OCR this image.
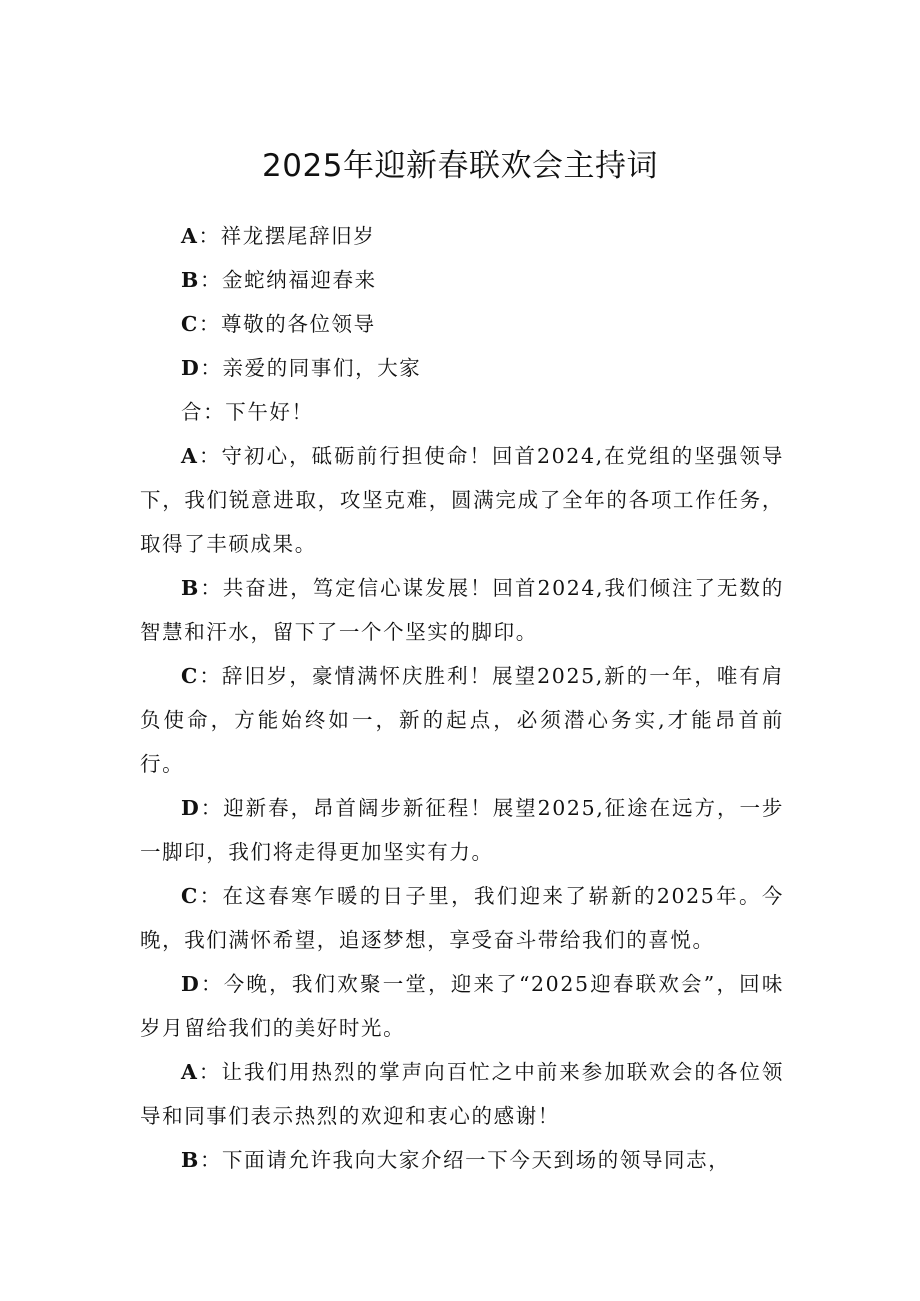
2025年迎新春联欢会主持词

A：祥龙摆尾辞旧岁

B：金蛇纳福迎春来

C：尊敬的各位领导

D：亲爱的同事们，大家

合：下午好！

A：守初心，砥砺前行担使命！回首2024,在党组的坚强领导下，我们锐意进取，攻坚克难，圆满完成了全年的各项工作任务，取得了丰硕成果。

B：共奋进，笃定信心谋发展！回首2024,我们倾注了无数的智慧和汗水，留下了一个个坚实的脚印。

C：辞旧岁，豪情满怀庆胜利！展望2025,新的一年，唯有肩负使命，方能始终如一，新的起点，必须潜心务实,才能昂首前行。

D：迎新春，昂首阔步新征程！展望2025,征途在远方，一步一脚印，我们将走得更加坚实有力。

C：在这春寒乍暖的日子里，我们迎来了崭新的2025年。今晚，我们满怀希望，追逐梦想，享受奋斗带给我们的喜悦。

D：今晚，我们欢聚一堂，迎来了“2025迎春联欢会”，回味岁月留给我们的美好时光。

A：让我们用热烈的掌声向百忙之中前来参加联欢会的各位领导和同事们表示热烈的欢迎和衷心的感谢！

B：下面请允许我向大家介绍一下今天到场的领导同志，
